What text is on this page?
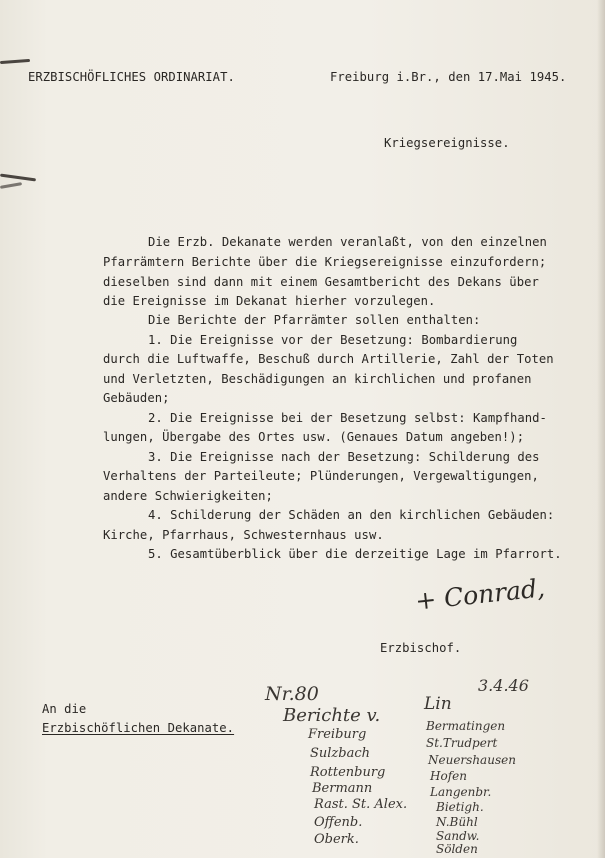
ERZBISCHÖFLICHES ORDINARIAT.	Freiburg i.Br., den 17.Mai 1945.
Kriegsereignisse.
Die Erzb. Dekanate werden veranlaßt, von den einzelnen
Pfarrämtern Berichte über die Kriegsereignisse einzufordern;
dieselben sind dann mit einem Gesamtbericht des Dekans über
die Ereignisse im Dekanat hierher vorzulegen.
Die Berichte der Pfarrämter sollen enthalten:
1. Die Ereignisse vor der Besetzung: Bombardierung
durch die Luftwaffe, Beschuß durch Artillerie, Zahl der Toten
und Verletzten, Beschädigungen an kirchlichen und profanen
Gebäuden;
2. Die Ereignisse bei der Besetzung selbst: Kampfhand-
lungen, Übergabe des Ortes usw. (Genaues Datum angeben!);
3. Die Ereignisse nach der Besetzung: Schilderung des
Verhaltens der Parteileute; Plünderungen, Vergewaltigungen,
andere Schwierigkeiten;
4. Schilderung der Schäden an den kirchlichen Gebäuden:
Kirche, Pfarrhaus, Schwesternhaus usw.
5. Gesamtüberblick über die derzeitige Lage im Pfarrort.
+ Conrad,
Erzbischof.
An die
Erzbischöflichen Dekanate.
Nr.80	3.4.46
Berichte v.
Lin
Freiburg
Sulzbach
Rottenburg
Bermann
Rast. St. Alex.
Offenb.
Oberk.
Bermatingen
St.Trudpert
Neuershausen
Hofen
Langenbr.
Bietigh.
N.Bühl
Sandw.
Sölden
